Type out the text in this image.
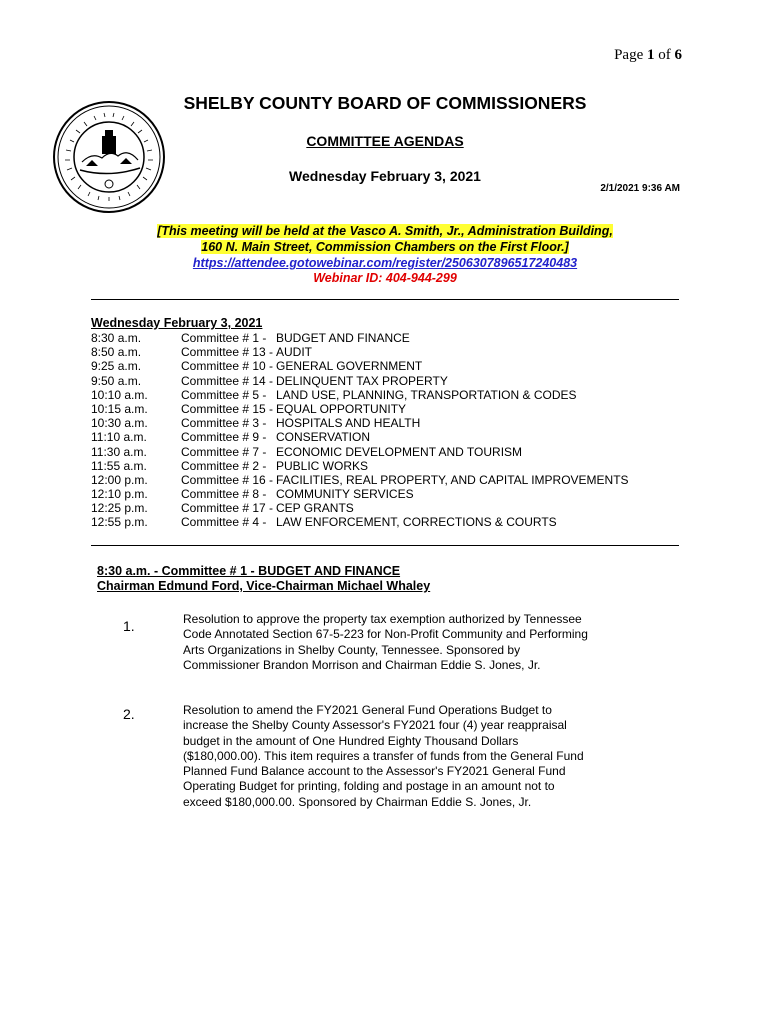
Page 1 of 6
SHELBY COUNTY BOARD OF COMMISSIONERS
COMMITTEE AGENDAS
Wednesday February 3, 2021
2/1/2021 9:36 AM
[This meeting will be held at the Vasco A. Smith, Jr., Administration Building,
160 N. Main Street, Commission Chambers on the First Floor.]
https://attendee.gotowebinar.com/register/2506307896517240483
Webinar ID: 404-944-299
Wednesday February 3, 2021
8:30 a.m.	Committee # 1 - BUDGET AND FINANCE
8:50 a.m.	Committee # 13 - AUDIT
9:25 a.m.	Committee # 10 - GENERAL GOVERNMENT
9:50 a.m.	Committee # 14 - DELINQUENT TAX PROPERTY
10:10 a.m.	Committee # 5 - LAND USE, PLANNING, TRANSPORTATION & CODES
10:15 a.m.	Committee # 15 - EQUAL OPPORTUNITY
10:30 a.m.	Committee # 3 - HOSPITALS AND HEALTH
11:10 a.m.	Committee # 9 - CONSERVATION
11:30 a.m.	Committee # 7 - ECONOMIC DEVELOPMENT AND TOURISM
11:55 a.m.	Committee # 2 - PUBLIC WORKS
12:00 p.m.	Committee # 16 - FACILITIES, REAL PROPERTY, AND CAPITAL IMPROVEMENTS
12:10 p.m.	Committee # 8 - COMMUNITY SERVICES
12:25 p.m.	Committee # 17 - CEP GRANTS
12:55 p.m.	Committee # 4 - LAW ENFORCEMENT, CORRECTIONS & COURTS
8:30 a.m. - Committee # 1 - BUDGET AND FINANCE
Chairman Edmund Ford, Vice-Chairman Michael Whaley
1.	Resolution to approve the property tax exemption authorized by Tennessee Code Annotated Section 67-5-223 for Non-Profit Community and Performing Arts Organizations in Shelby County, Tennessee. Sponsored by Commissioner Brandon Morrison and Chairman Eddie S. Jones, Jr.
2.	Resolution to amend the FY2021 General Fund Operations Budget to increase the Shelby County Assessor's FY2021 four (4) year reappraisal budget in the amount of One Hundred Eighty Thousand Dollars ($180,000.00). This item requires a transfer of funds from the General Fund Planned Fund Balance account to the Assessor's FY2021 General Fund Operating Budget for printing, folding and postage in an amount not to exceed $180,000.00. Sponsored by Chairman Eddie S. Jones, Jr.
